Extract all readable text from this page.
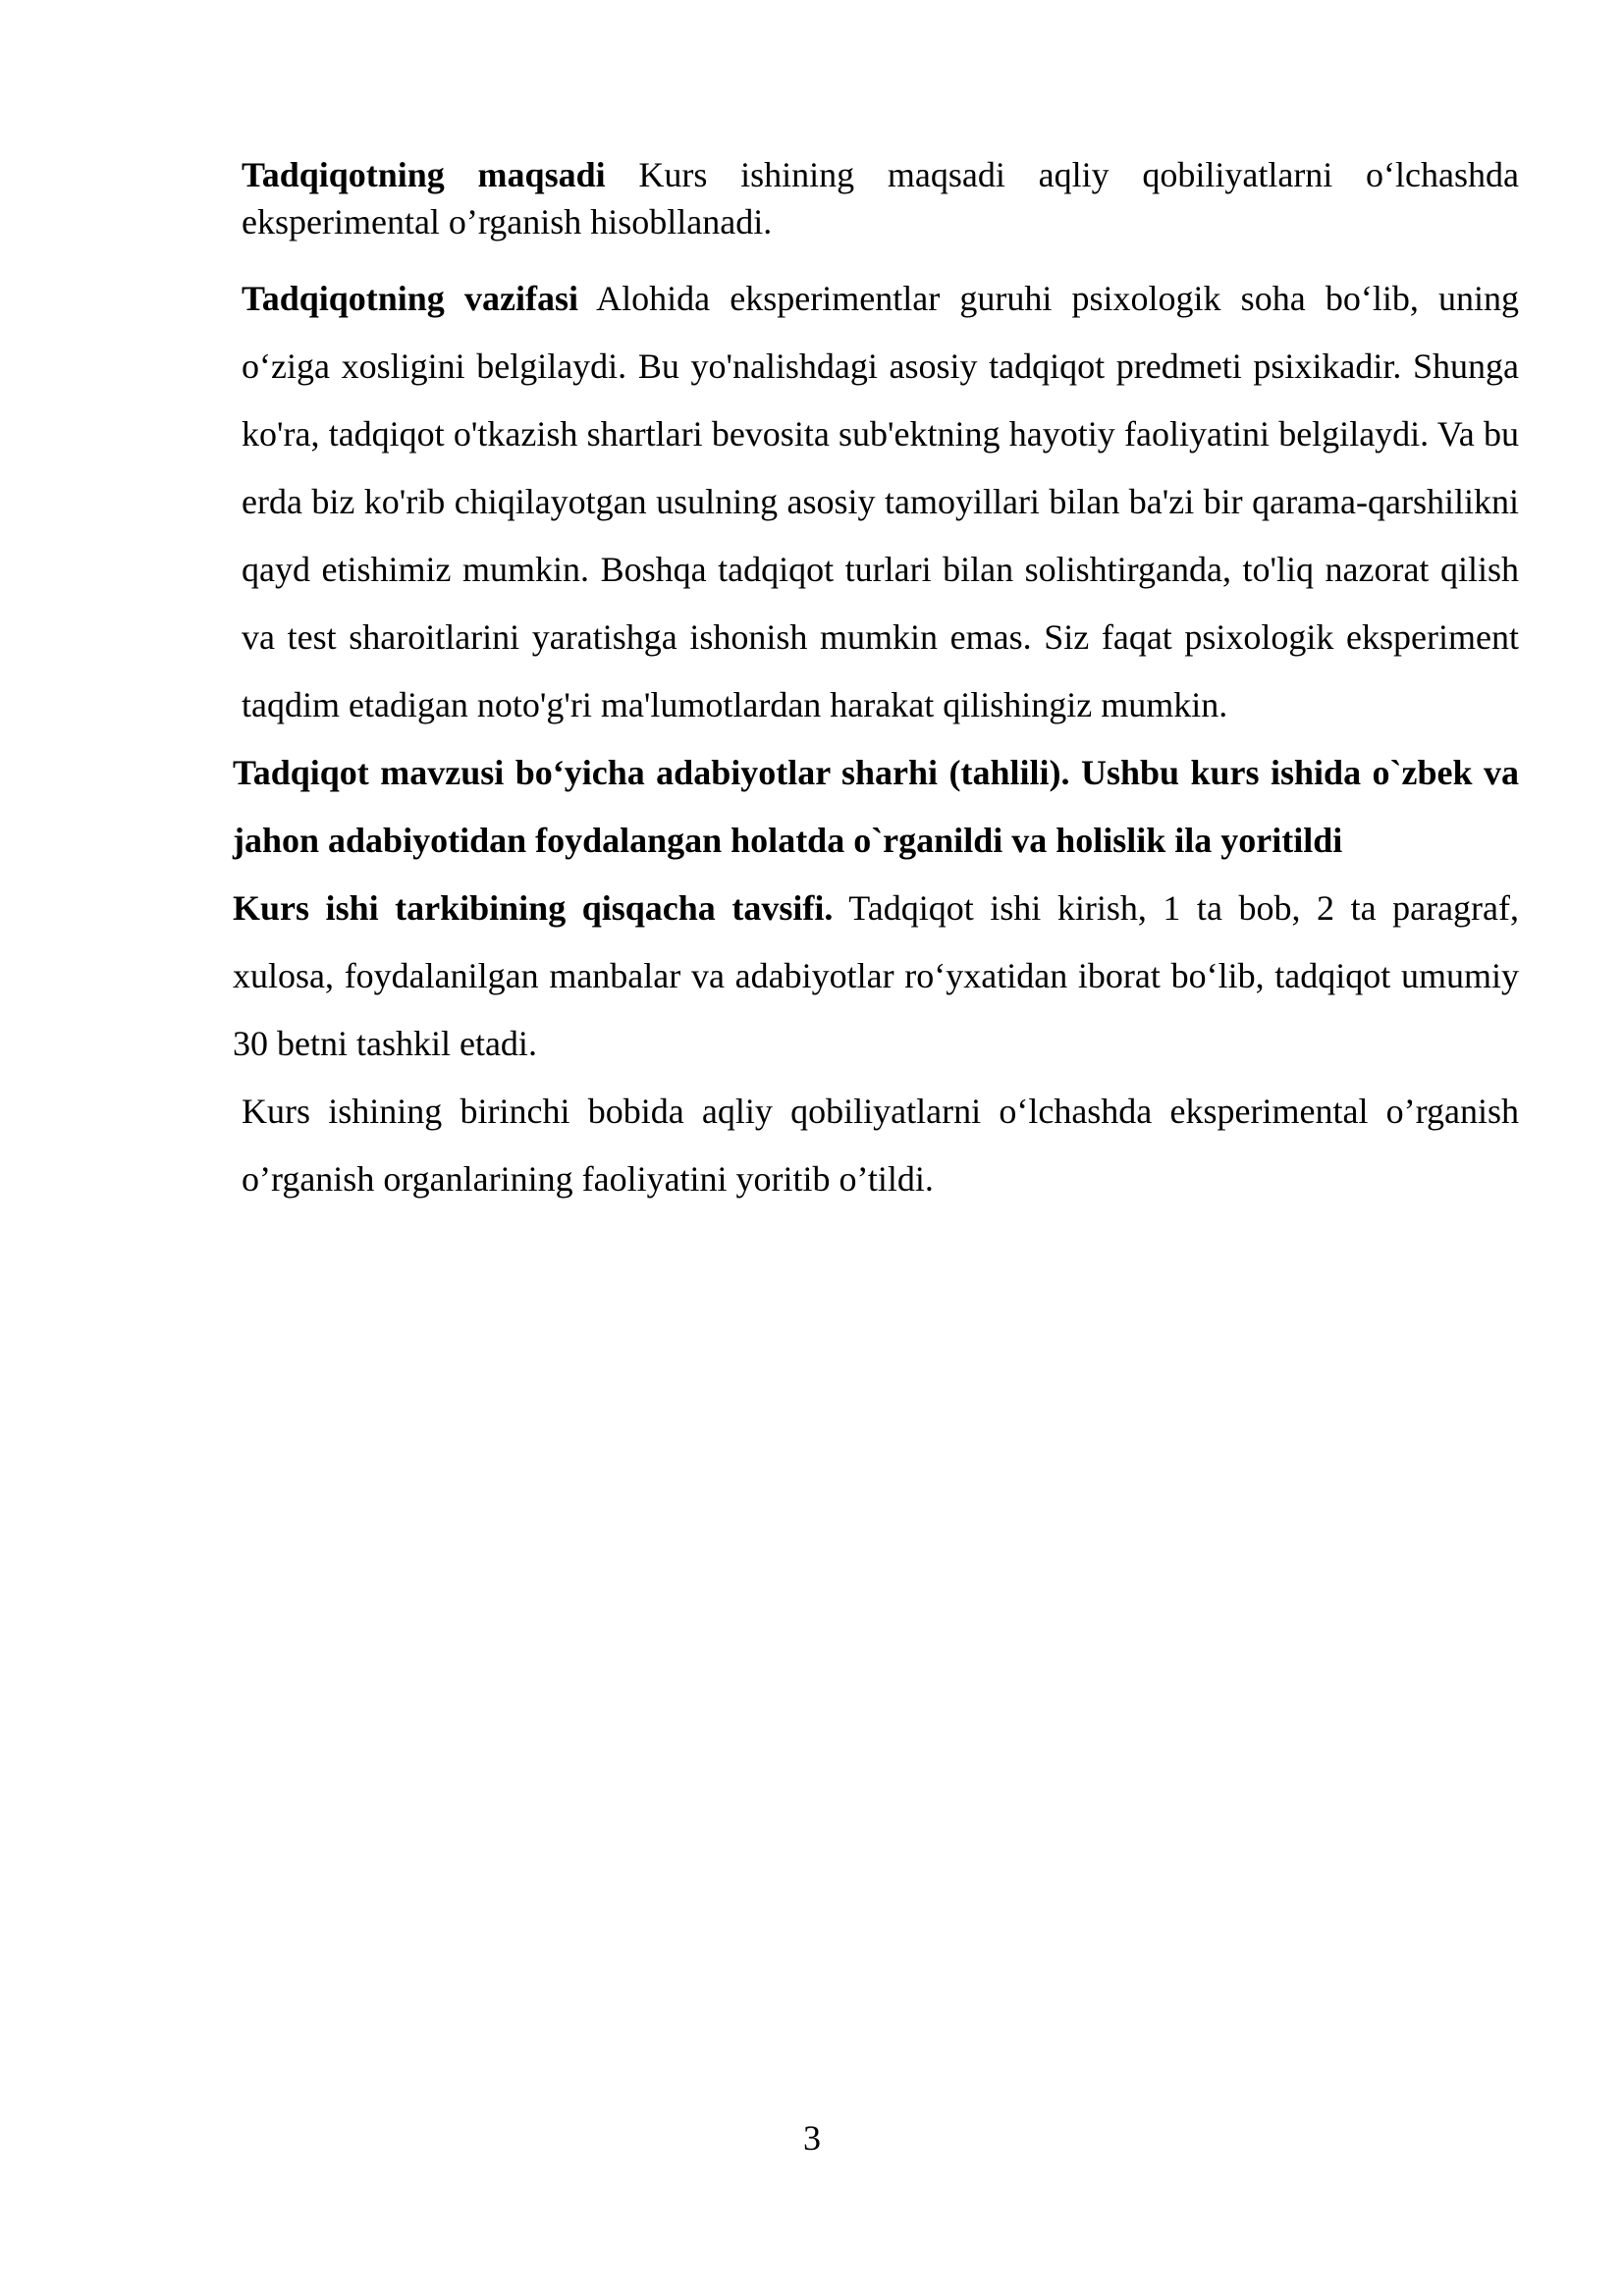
Tadqiqotning maqsadi Kurs ishining maqsadi aqliy qobiliyatlarni o‘lchashda eksperimental o’rganish hisobllanadi.

Tadqiqotning vazifasi Alohida eksperimentlar guruhi psixologik soha bo‘lib, uning o‘ziga xosligini belgilaydi. Bu yo'nalishdagi asosiy tadqiqot predmeti psixikadir. Shunga ko'ra, tadqiqot o'tkazish shartlari bevosita sub'ektning hayotiy faoliyatini belgilaydi. Va bu erda biz ko'rib chiqilayotgan usulning asosiy tamoyillari bilan ba'zi bir qarama-qarshilikni qayd etishimiz mumkin. Boshqa tadqiqot turlari bilan solishtirganda, to'liq nazorat qilish va test sharoitlarini yaratishga ishonish mumkin emas. Siz faqat psixologik eksperiment taqdim etadigan noto'g'ri ma'lumotlardan harakat qilishingiz mumkin.

Tadqiqot mavzusi bo‘yicha adabiyotlar sharhi (tahlili). Ushbu kurs ishida o`zbek va jahon adabiyotidan foydalangan holatda o`rganildi va holislik ila yoritildi

Kurs ishi tarkibining qisqacha tavsifi. Tadqiqot ishi kirish, 1 ta bob, 2 ta paragraf, xulosa, foydalanilgan manbalar va adabiyotlar ro‘yxatidan iborat bo‘lib, tadqiqot umumiy 30 betni tashkil etadi.

Kurs ishining birinchi bobida aqliy qobiliyatlarni o‘lchashda eksperimental o’rganish o’rganish organlarining faoliyatini yoritib o’tildi.

3
